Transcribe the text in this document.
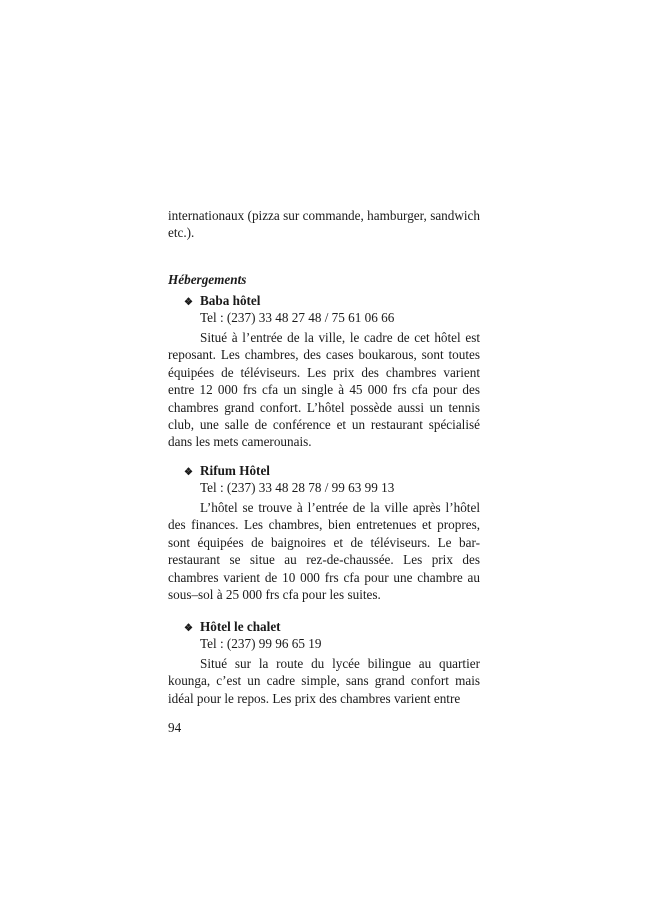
internationaux (pizza sur commande, hamburger, sandwich etc.).

Hébergements
❖ Baba hôtel
Tel : (237) 33 48 27 48 / 75 61 06 66

Situé à l’entrée de la ville, le cadre de cet hôtel est reposant. Les chambres, des cases boukarous, sont toutes équipées de téléviseurs. Les prix des chambres varient entre 12 000 frs cfa un single à 45 000 frs cfa pour des chambres grand confort. L’hôtel possède aussi un tennis club, une salle de conférence et un restaurant spécialisé dans les mets camerounais.

❖ Rifum Hôtel
Tel : (237) 33 48 28 78 / 99 63 99 13

L’hôtel se trouve à l’entrée de la ville après l’hôtel des finances. Les chambres, bien entretenues et propres, sont équipées de baignoires et de téléviseurs. Le bar-restaurant se situe au rez-de-chaussée. Les prix des chambres varient de 10 000 frs cfa pour une chambre au sous–sol à 25 000 frs cfa pour les suites.

❖ Hôtel le chalet
Tel : (237) 99 96 65 19

Situé sur la route du lycée bilingue au quartier kounga, c’est un cadre simple, sans grand confort mais idéal pour le repos. Les prix des chambres varient entre

94
